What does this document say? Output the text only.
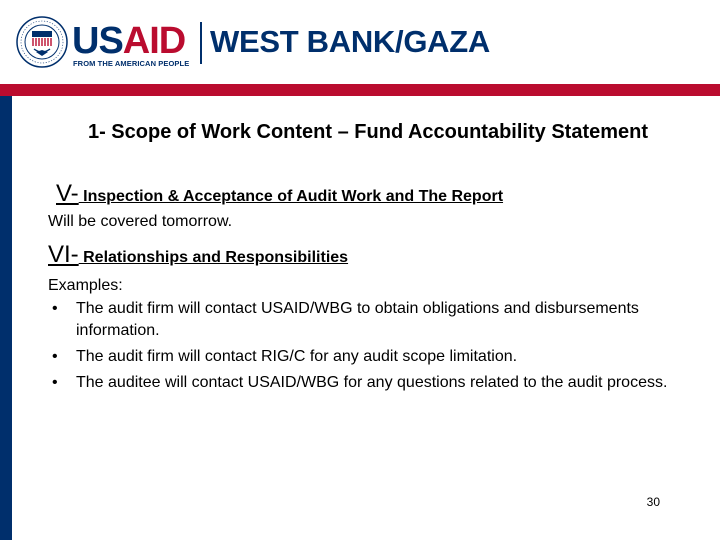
USAID
FROM THE AMERICAN PEOPLE
WEST BANK/GAZA
1- Scope of Work Content – Fund Accountability Statement
V- Inspection & Acceptance of Audit Work and The Report
Will be covered tomorrow.
VI- Relationships and Responsibilities
Examples:
• The audit firm will contact USAID/WBG to obtain obligations and disbursements information.
• The audit firm will contact RIG/C for any audit scope limitation.
• The auditee will contact USAID/WBG for any questions related to the audit process.
30
